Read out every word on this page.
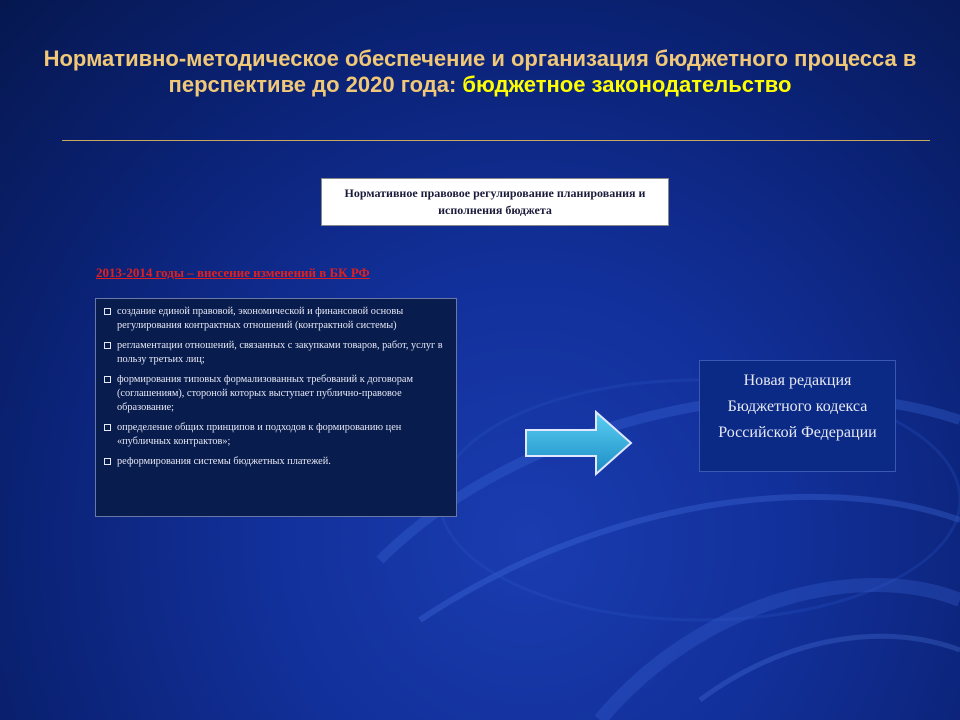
Нормативно-методическое обеспечение и организация бюджетного процесса в перспективе до 2020 года: бюджетное законодательство
Нормативное правовое регулирование планирования и исполнения бюджета
2013-2014 годы – внесение изменений в БК РФ
создание единой правовой, экономической и финансовой основы регулирования контрактных отношений (контрактной системы)
регламентации отношений, связанных с закупками товаров, работ, услуг в пользу третьих лиц;
формирования типовых формализованных требований к договорам (соглашениям), стороной которых выступает публично-правовое образование;
определение общих принципов и подходов к формированию цен «публичных контрактов»;
реформирования системы бюджетных платежей.
Новая редакция Бюджетного кодекса Российской Федерации
